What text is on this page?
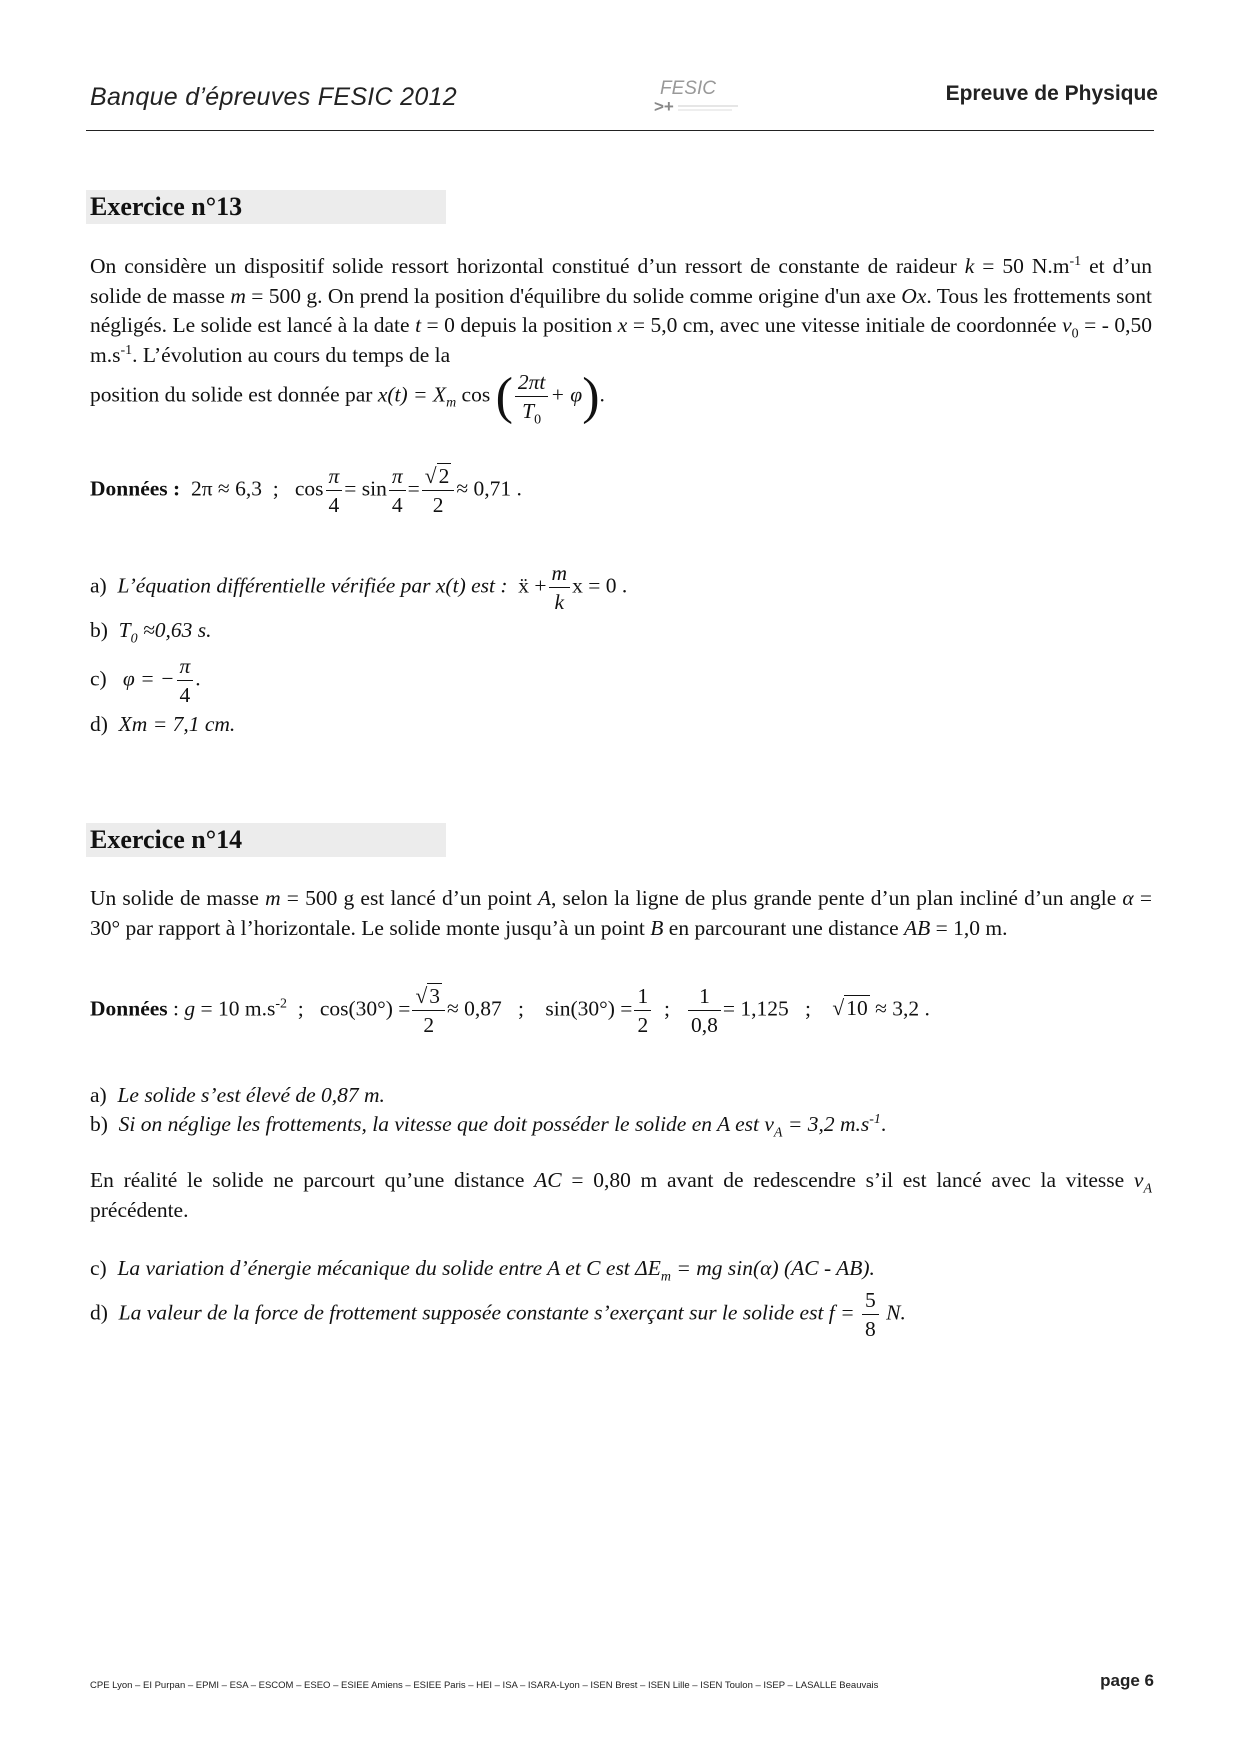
Banque d’épreuves FESIC 2012	FESIC
>+
Epreuve de Physique
Exercice n°13
On considère un dispositif solide ressort horizontal constitué d’un ressort de constante de raideur k = 50 $N.m^{-1}$ et d’un solide de masse m = 500 g. On prend la position d'équilibre du solide comme origine d'un axe Ox. Tous les frottements sont négligés. Le solide est lancé à la date t = 0 depuis la position x = 5,0 cm, avec une vitesse initiale de coordonnée $v_0$ = - 0,50 $m.s^{-1}$. L’évolution au cours du temps de la
position du solide est donnée par $x(t) = X_m$ cos ( $\frac{2\pi t}{T_0} + \varphi$).
Données : 2π ≈ 6,3 ; $\cos \frac{\pi}{4} = \sin \frac{\pi}{4} = \frac{√2}{2} \approx 0,71$ .
a) L’équation différentielle vérifiée par x(t) est :  ẍ + $\frac{m}{k}$ x = 0 .
b) $T_0 \approx 0,63$ s.
c) φ = − $\frac{\pi}{4}$ .
d) Xm = 7,1 cm.
Exercice n°14
Un solide de masse m = 500 g est lancé d’un point A, selon la ligne de plus grande pente d’un plan incliné d’un angle α = 30° par rapport à l’horizontale. Le solide monte jusqu’à un point B en parcourant une distance AB = 1,0 m.
Données : g = 10 $m.s^{-2}$ ; $\cos(30^\circ) = \frac{√3}{2} \approx 0,87$ ; $\sin(30^\circ) = \frac{1}{2}$ ; $\frac{1}{0,8} = 1,125$ ; √10 ≈ 3,2 .
a) Le solide s’est élevé de 0,87 m.
b) Si on néglige les frottements, la vitesse que doit posséder le solide en A est $v_A = 3,2$ $m.s^{-1}$.
En réalité le solide ne parcourt qu’une distance AC = 0,80 m avant de redescendre s’il est lancé avec la vitesse $v_A$ précédente.
c) La variation d’énergie mécanique du solide entre A et C est $\Delta E_m$ = mg sin(α) (AC - AB).
d) La valeur de la force de frottement supposée constante s’exerçant sur le solide est $f = \frac{5}{8} N$.
CPE Lyon – EI Purpan – EPMI – ESA – ESCOM – ESEO – ESIEE Amiens – ESIEE Paris – HEI – ISA – ISARA-Lyon – ISEN Brest – ISEN Lille – ISEN Toulon – ISEP – LASALLE Beauvais	page 6
